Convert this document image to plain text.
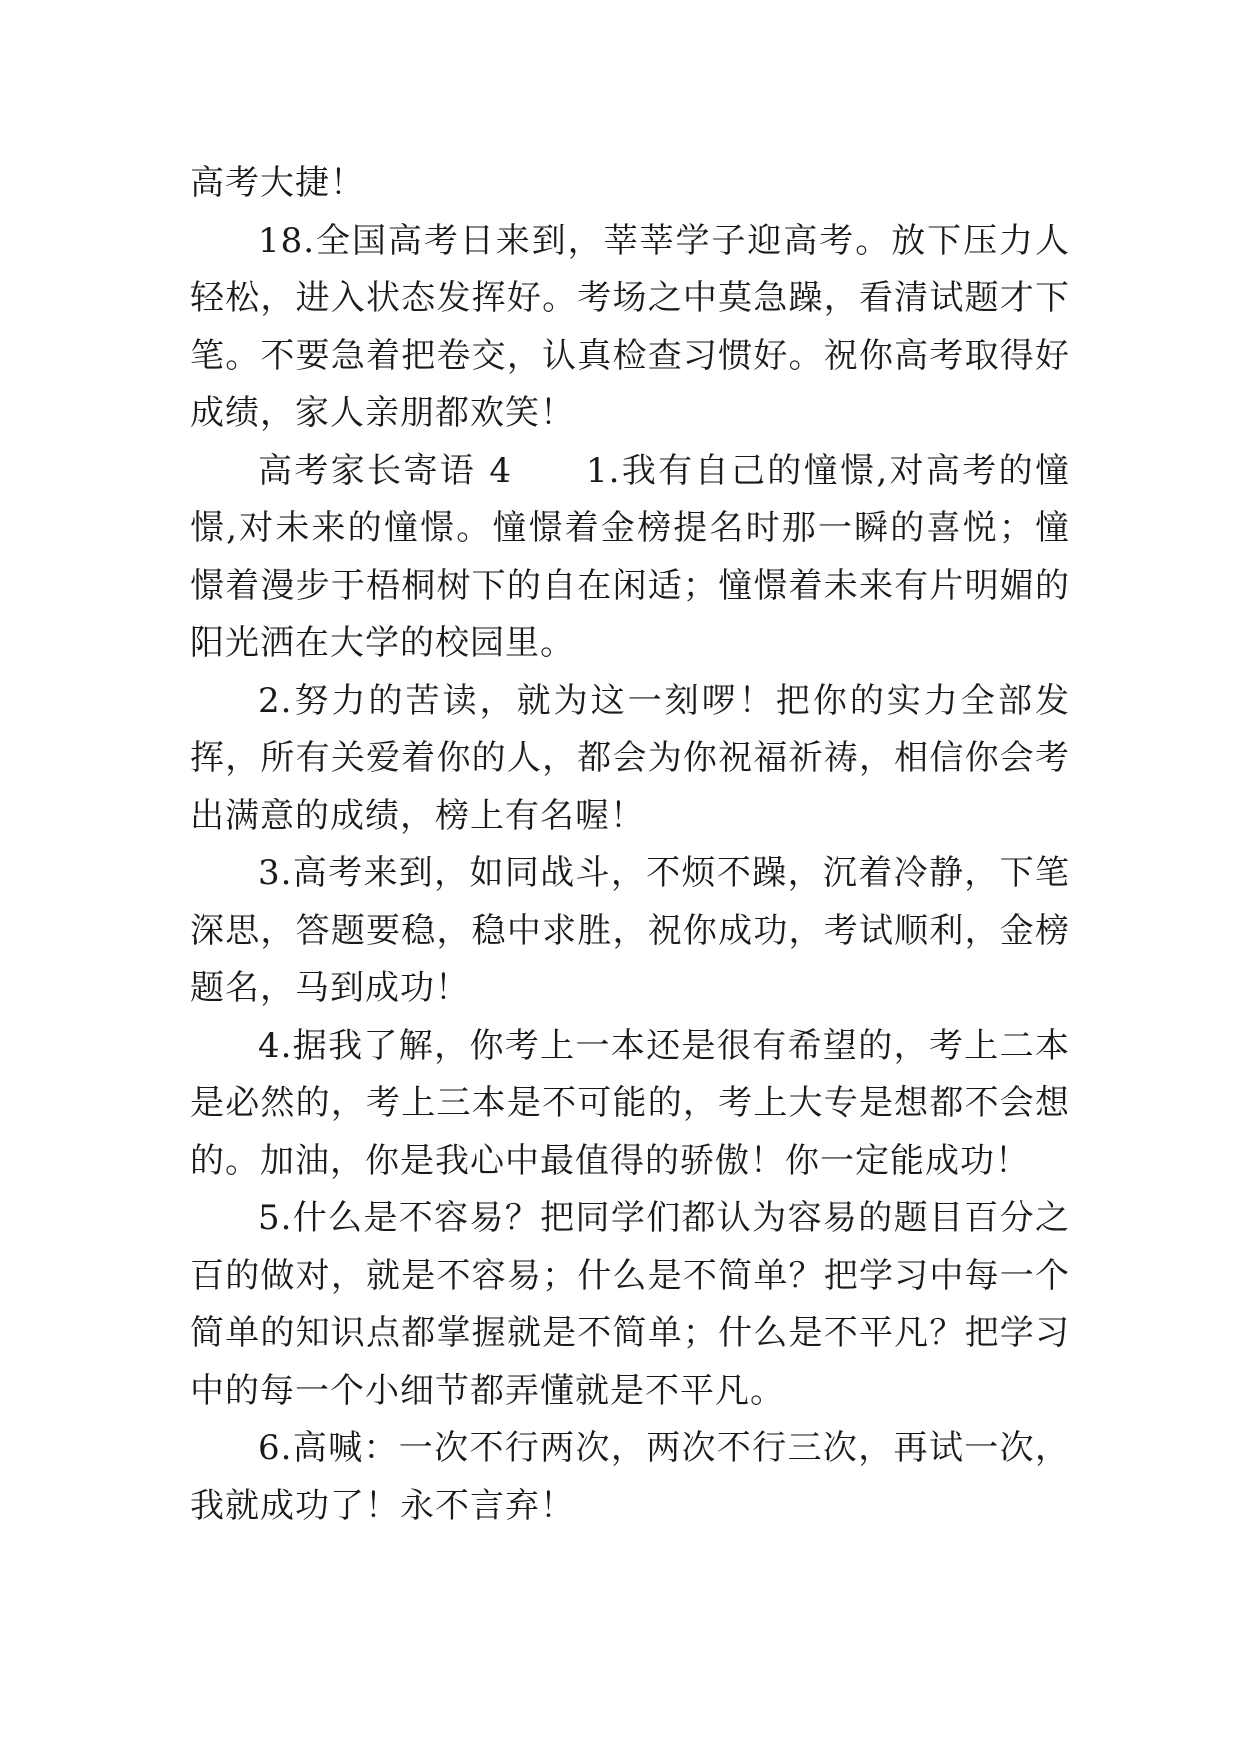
高考大捷！

18.全国高考日来到，莘莘学子迎高考。放下压力人轻松，进入状态发挥好。考场之中莫急躁，看清试题才下笔。不要急着把卷交，认真检查习惯好。祝你高考取得好成绩，家人亲朋都欢笑！

高考家长寄语 4　　1.我有自己的憧憬,对高考的憧憬,对未来的憧憬。憧憬着金榜提名时那一瞬的喜悦；憧憬着漫步于梧桐树下的自在闲适；憧憬着未来有片明媚的阳光洒在大学的校园里。

2.努力的苦读，就为这一刻啰！把你的实力全部发挥，所有关爱着你的人，都会为你祝福祈祷，相信你会考出满意的成绩，榜上有名喔！

3.高考来到，如同战斗，不烦不躁，沉着冷静，下笔深思，答题要稳，稳中求胜，祝你成功，考试顺利，金榜题名，马到成功！

4.据我了解，你考上一本还是很有希望的，考上二本是必然的，考上三本是不可能的，考上大专是想都不会想的。加油，你是我心中最值得的骄傲！你一定能成功！

5.什么是不容易？把同学们都认为容易的题目百分之百的做对，就是不容易；什么是不简单？把学习中每一个简单的知识点都掌握就是不简单；什么是不平凡？把学习中的每一个小细节都弄懂就是不平凡。

6.高喊：一次不行两次，两次不行三次，再试一次，我就成功了！永不言弃！
